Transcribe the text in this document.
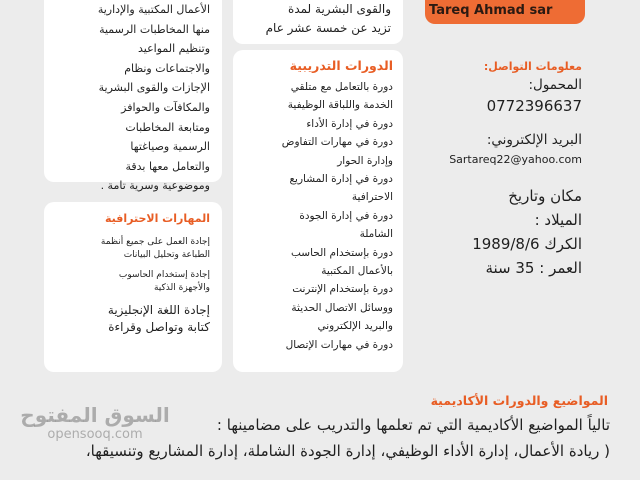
الأعمال المكتبية والإدارية
منها المخاطبات الرسمية
وتنظيم المواعيد
والاجتماعات ونظام
الإجازات والقوى البشرية
والمكافآت والحوافز
ومتابعة المخاطبات
الرسمية وصياغتها
والتعامل معها بدقة
وموضوعية وسرية تامة .
والقوى البشرية لمدة
تزيد عن خمسة عشر عام
الدورات التدريبية
دورة بالتعامل مع متلقي
الخدمة واللباقة الوظيفية
دورة في إدارة الأداء
دورة في مهارات التفاوض
وإدارة الحوار
دورة في إدارة المشاريع
الاحترافية
دورة في إدارة الجودة
الشاملة
دورة بإستخدام الحاسب
بالأعمال المكتبية
دورة بإستخدام الإنترنت
ووسائل الاتصال الحديثة
والبريد الإلكتروني
دورة في مهارات الإتصال
المهارات الاحترافية
إجادة العمل على جميع أنظمة
الطباعة وتحليل البيانات
إجادة إستخدام الحاسوب
والأجهزة الذكية
إجادة اللغة الإنجليزية
كتابة وتواصل وقراءة
Tareq Ahmad sar
معلومات التواصل:
المحمول:
0772396637
البريد الإلكتروني:
Sartareq22@yahoo.com
مكان وتاريخ
الميلاد :
الكرك 1989/8/6
العمر : 35 سنة
المواضيع والدورات الأكاديمية
تالياً المواضيع الأكاديمية التي تم تعلمها والتدريب على مضامينها :
( ريادة الأعمال، إدارة الأداء الوظيفي، إدارة الجودة الشاملة، إدارة المشاريع وتنسيقها،
السوق المفتوح
opensooq.com
